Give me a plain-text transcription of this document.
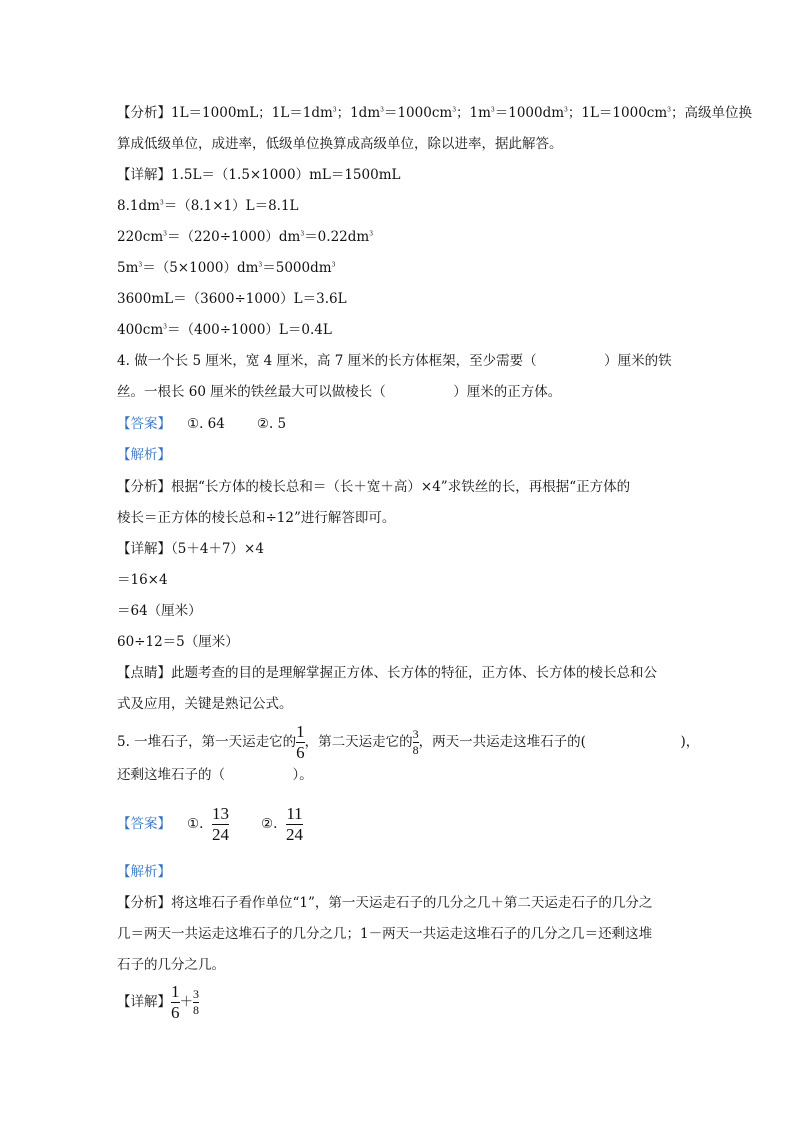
【分析】1L＝1000mL；$1L=1dm^3$；$1dm^3=1000cm^3$；$1m^3=1000dm^3$；$1L=1000cm^3$；高级单位换
算成低级单位，成进率，低级单位换算成高级单位，除以进率，据此解答。
【详解】1.5L＝（1.5×1000）mL＝1500mL
$8.1dm^3=(8.1\times 1)L=8.1L$
$220cm^3=(220\div 1000)dm^3=0.22dm^3$
$5m^3=(5\times 1000)dm^3=5000dm^3$
3600mL＝（3600÷1000）L＝3.6L
$400cm^3=(400\div 1000)L=0.4L$
4. 做一个长 5 厘米，宽 4 厘米，高 7 厘米的长方体框架，至少需要（　　　　　）厘米的铁
丝。一根长 60 厘米的铁丝最大可以做棱长（　　　　　）厘米的正方体。
【答案】 ①. 64 ②. 5
【解析】
【分析】根据“长方体的棱长总和＝（长＋宽＋高）×4”求铁丝的长，再根据“正方体的
棱长＝正方体的棱长总和÷12”进行解答即可。
【详解】（5＋4＋7）×4
＝16×4
＝64（厘米）
60÷12＝5（厘米）
【点睛】此题考查的目的是理解掌握正方体、长方体的特征，正方体、长方体的棱长总和公
式及应用，关键是熟记公式。
5. 一堆石子，第一天运走它的 $\frac{1}{6}$ ，第二天运走它的 $\frac{3}{8}$ ，两天一共运走这堆石子的(　　　　　　　)，
还剩这堆石子的（　　　　　）。
【答案】 ①. $\frac{13}{24}$ ②. $\frac{11}{24}$
【解析】
【分析】将这堆石子看作单位“1”，第一天运走石子的几分之几＋第二天运走石子的几分之
几＝两天一共运走这堆石子的几分之几；1－两天一共运走这堆石子的几分之几＝还剩这堆
石子的几分之几。
【详解】 $\frac{1}{6} + \frac{3}{8}$
